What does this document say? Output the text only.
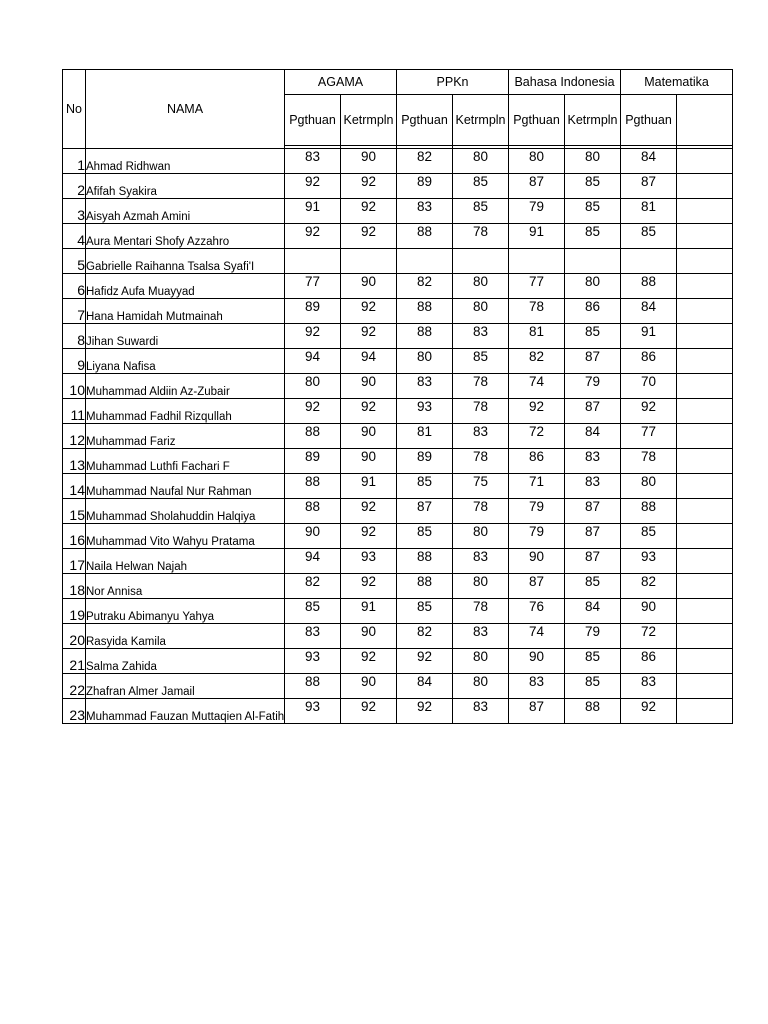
No	NAMA	AGAMA		PPKn		Bahasa Indonesia		Matematika	
		Pgthuan	Ketrmpln	Pgthuan	Ketrmpln	Pgthuan	Ketrmpln	Pgthuan	

1	Ahmad Ridhwan	83	90	82	80	80	80	84	
2	Afifah Syakira	92	92	89	85	87	85	87	
3	Aisyah Azmah Amini	91	92	83	85	79	85	81	
4	Aura Mentari Shofy Azzahro	92	92	88	78	91	85	85	
5	Gabrielle Raihanna Tsalsa Syafi'I								
6	Hafidz Aufa Muayyad	77	90	82	80	77	80	88	
7	Hana Hamidah Mutmainah	89	92	88	80	78	86	84	
8	Jihan Suwardi	92	92	88	83	81	85	91	
9	Liyana Nafisa	94	94	80	85	82	87	86	
10	Muhammad Aldiin Az-Zubair	80	90	83	78	74	79	70	
11	Muhammad Fadhil Rizqullah	92	92	93	78	92	87	92	
12	Muhammad Fariz	88	90	81	83	72	84	77	
13	Muhammad Luthfi Fachari F	89	90	89	78	86	83	78	
14	Muhammad Naufal Nur Rahman	88	91	85	75	71	83	80	
15	Muhammad Sholahuddin Halqiya	88	92	87	78	79	87	88	
16	Muhammad Vito Wahyu Pratama	90	92	85	80	79	87	85	
17	Naila Helwan Najah	94	93	88	83	90	87	93	
18	Nor Annisa	82	92	88	80	87	85	82	
19	Putraku Abimanyu Yahya	85	91	85	78	76	84	90	
20	Rasyida Kamila	83	90	82	83	74	79	72	
21	Salma Zahida	93	92	92	80	90	85	86	
22	Zhafran Almer Jamail	88	90	84	80	83	85	83	
23	Muhammad Fauzan Muttaqien Al-Fatih	93	92	92	83	87	88	92	
